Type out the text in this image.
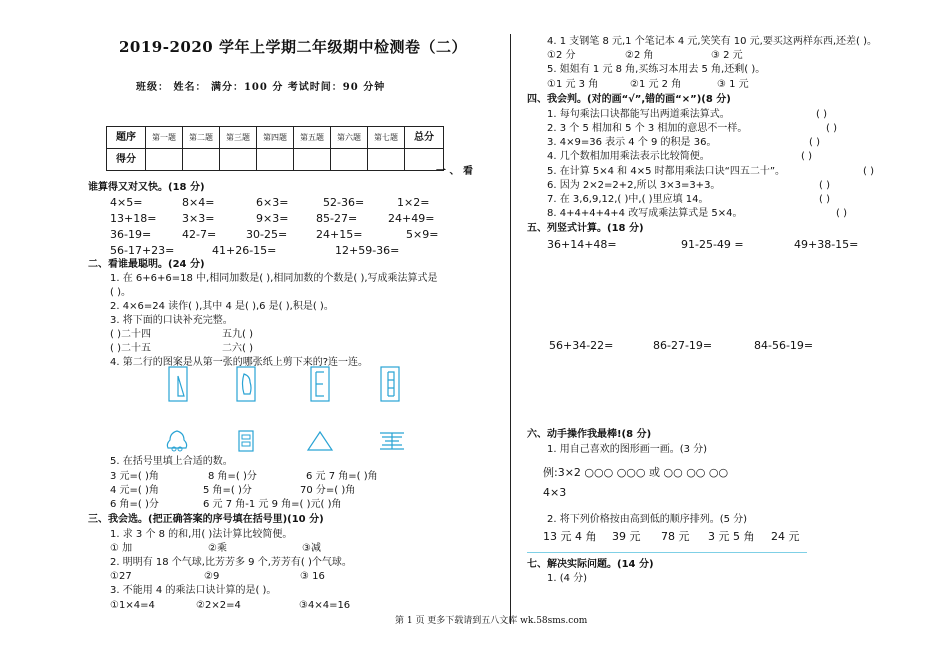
2019-2020 学年上学期二年级期中检测卷（二）
班级： 姓名： 满分：100 分 考试时间：90 分钟
题序	第一题	第二题	第三题	第四题	第五题	第六题	第七题	总分
得分								
一 、 看
谁算得又对又快。(18 分)
4×5=	8×4=	6×3=	52-36=	1×2=
13+18= 3×3=	9×3=	85-27=	24+49=
36-19=	42-7=	30-25=	24+15=	5×9=
56-17+23=	41+26-15=	12+59-36=
二、看谁最聪明。(24 分)
1. 在 6+6+6=18 中,相同加数是( ),相同加数的个数是( ),写成乘法算式是
( )。
2. 4×6=24 读作( ),其中 4 是( ),6 是( ),积是( )。
3. 将下面的口诀补充完整。
( )二十四	五九( )
( )二十五	二六( )
4. 第二行的图案是从第一张的哪张纸上剪下来的?连一连。
5. 在括号里填上合适的数。
3 元=( )角	8 角=( )分	6 元 7 角=( )角
4 元=( )角	5 角=( )分	70 分=( )角
6 角=( )分	6 元 7 角-1 元 9 角=( )元( )角
三、我会选。(把正确答案的序号填在括号里)(10 分)
1. 求 3 个 8 的和,用( )法计算比较简便。
① 加	②乘	③减
2. 明明有 18 个气球,比芳芳多 9 个,芳芳有( )个气球。
①27	②9	③ 16
3. 不能用 4 的乘法口诀计算的是( )。
①1×4=4	②2×2=4	③4×4=16
4. 1 支钢笔 8 元,1 个笔记本 4 元,笑笑有 10 元,要买这两样东西,还差( )。
①2 分	②2 角	③ 2 元
5. 姐姐有 1 元 8 角,买练习本用去 5 角,还剩( )。
①1 元 3 角	②1 元 2 角	③ 1 元
四、我会判。(对的画“√”,错的画“×”)(8 分)
1. 每句乘法口诀都能写出两道乘法算式。	( )
2. 3 个 5 相加和 5 个 3 相加的意思不一样。	( )
3. 4×9=36 表示 4 个 9 的积是 36。	( )
4. 几个数相加用乘法表示比较简便。	( )
5. 在计算 5×4 和 4×5 时都用乘法口诀“四五二十”。	( )
6. 因为 2×2=2+2,所以 3×3=3+3。	( )
7. 在 3,6,9,12,( )中,( )里应填 14。	( )
8. 4+4+4+4+4 改写成乘法算式是 5×4。	( )
五、列竖式计算。(18 分)
36+14+48=	91-25-49 =	49+38-15=
56+34-22=	86-27-19=	84-56-19=
六、动手操作我最棒!(8 分)
1. 用自己喜欢的图形画一画。(3 分)
例:3×2 ○○○ ○○○ 或 ○○ ○○ ○○
4×3
2. 将下列价格按由高到低的顺序排列。(5 分)
13 元 4 角 39 元 78 元 3 元 5 角 24 元
七、解决实际问题。(14 分)
1. (4 分)
第 1 页 更多下载请到五八文库 wk.58sms.com
